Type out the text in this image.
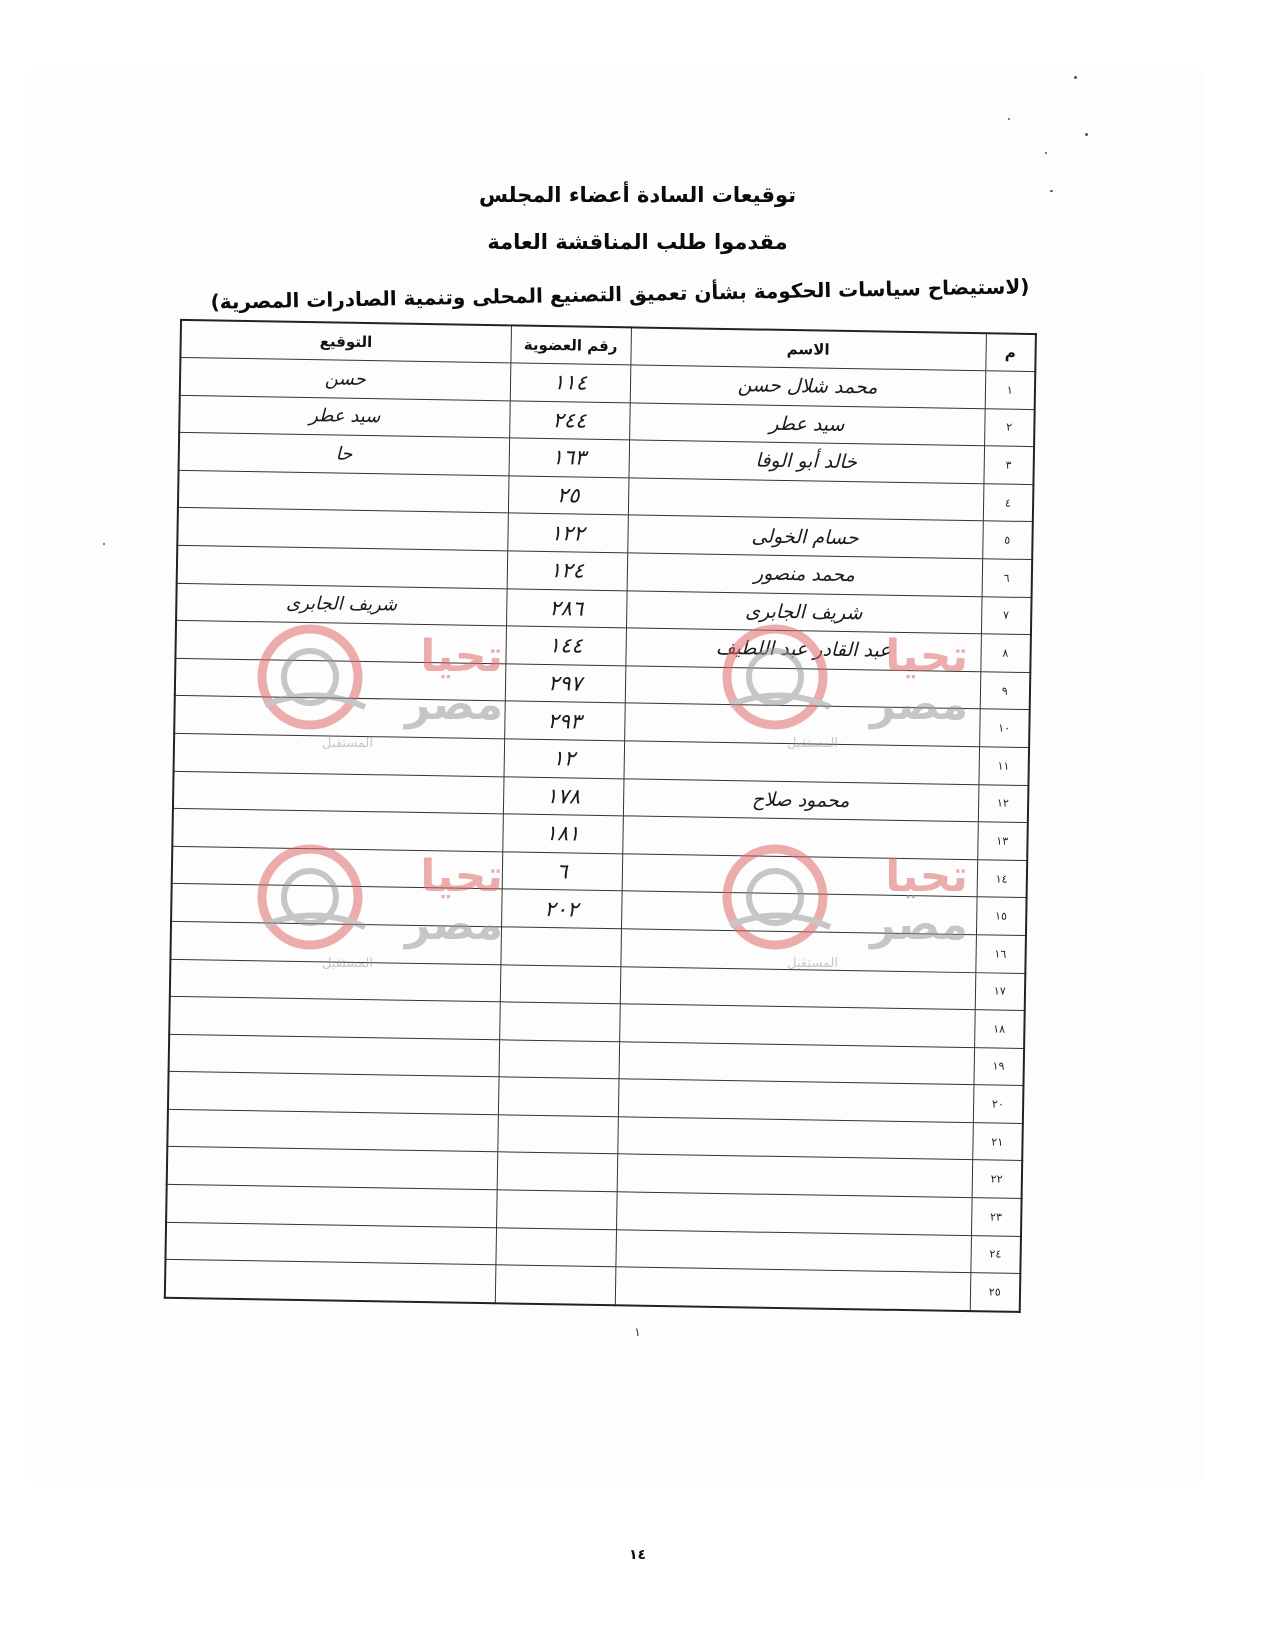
توقيعات السادة أعضاء المجلس
مقدموا طلب المناقشة العامة
(لاستيضاح سياسات الحكومة بشأن تعميق التصنيع المحلى وتنمية الصادرات المصرية)
م	الاسم	رقم العضوية	التوقيع
١	محمد شلال حسن	١١٤	حسن
٢	سيد عطر	٢٤٤	سيد عطر
٣	خالد أبو الوفا	١٦٣	حا
٤		٢٥	
٥	حسام الخولى	١٢٢	
٦	محمد منصور	١٢٤	
٧	شريف الجابرى	٢٨٦	شريف الجابرى
٨	عبد القادر عبد اللطيف	١٤٤	
٩		٢٩٧	
١٠		٢٩٣	
١١		١٢	
١٢	محمود صلاح	١٧٨	
١٣		١٨١	
١٤		٦	
١٥		٢٠٢	
١٦			
١٧			
١٨			
١٩			
٢٠			
٢١			
٢٢			
٢٣			
٢٤			
٢٥			
تحيا
مصر
المستقبل
تحيا
مصر
المستقبل
تحيا
مصر
المستقبل
تحيا
مصر
المستقبل
١
١٤
